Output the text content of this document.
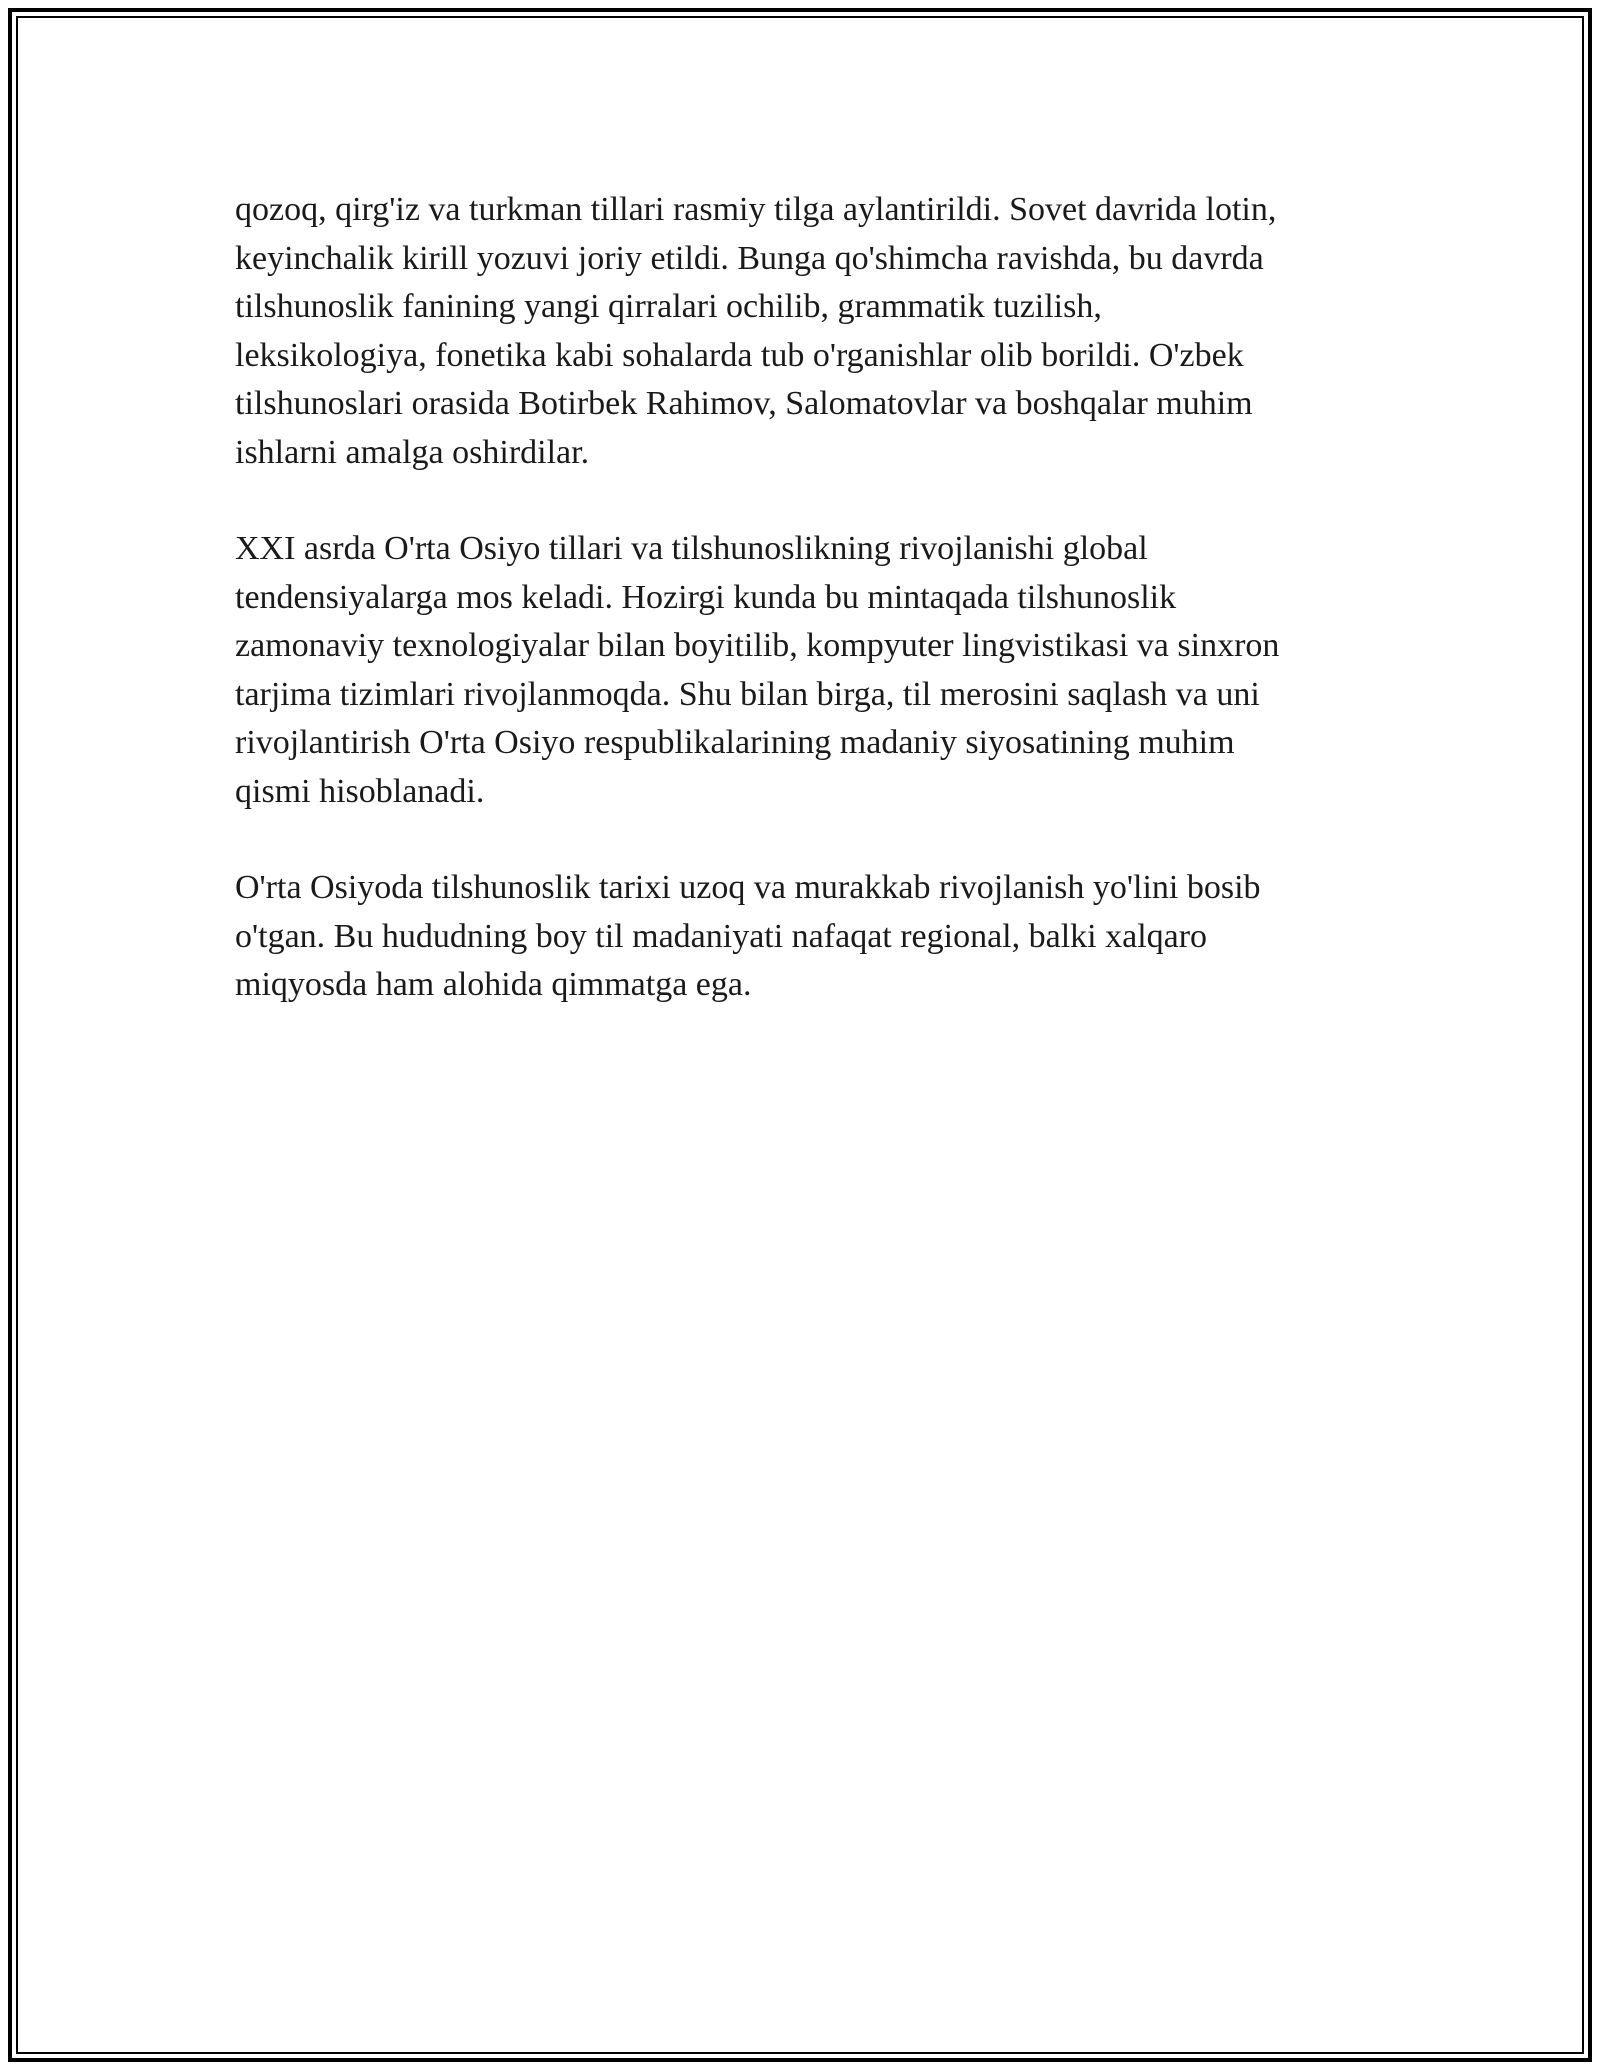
qozoq, qirg'iz va turkman tillari rasmiy tilga aylantirildi. Sovet davrida lotin,
keyinchalik kirill yozuvi joriy etildi. Bunga qo'shimcha ravishda, bu davrda
tilshunoslik fanining yangi qirralari ochilib, grammatik tuzilish,
leksikologiya, fonetika kabi sohalarda tub o'rganishlar olib borildi. O'zbek
tilshunoslari orasida Botirbek Rahimov, Salomatovlar va boshqalar muhim
ishlarni amalga oshirdilar.

XXI asrda O'rta Osiyo tillari va tilshunoslikning rivojlanishi global
tendensiyalarga mos keladi. Hozirgi kunda bu mintaqada tilshunoslik
zamonaviy texnologiyalar bilan boyitilib, kompyuter lingvistikasi va sinxron
tarjima tizimlari rivojlanmoqda. Shu bilan birga, til merosini saqlash va uni
rivojlantirish O'rta Osiyo respublikalarining madaniy siyosatining muhim
qismi hisoblanadi.

O'rta Osiyoda tilshunoslik tarixi uzoq va murakkab rivojlanish yo'lini bosib
o'tgan. Bu hududning boy til madaniyati nafaqat regional, balki xalqaro
miqyosda ham alohida qimmatga ega.
